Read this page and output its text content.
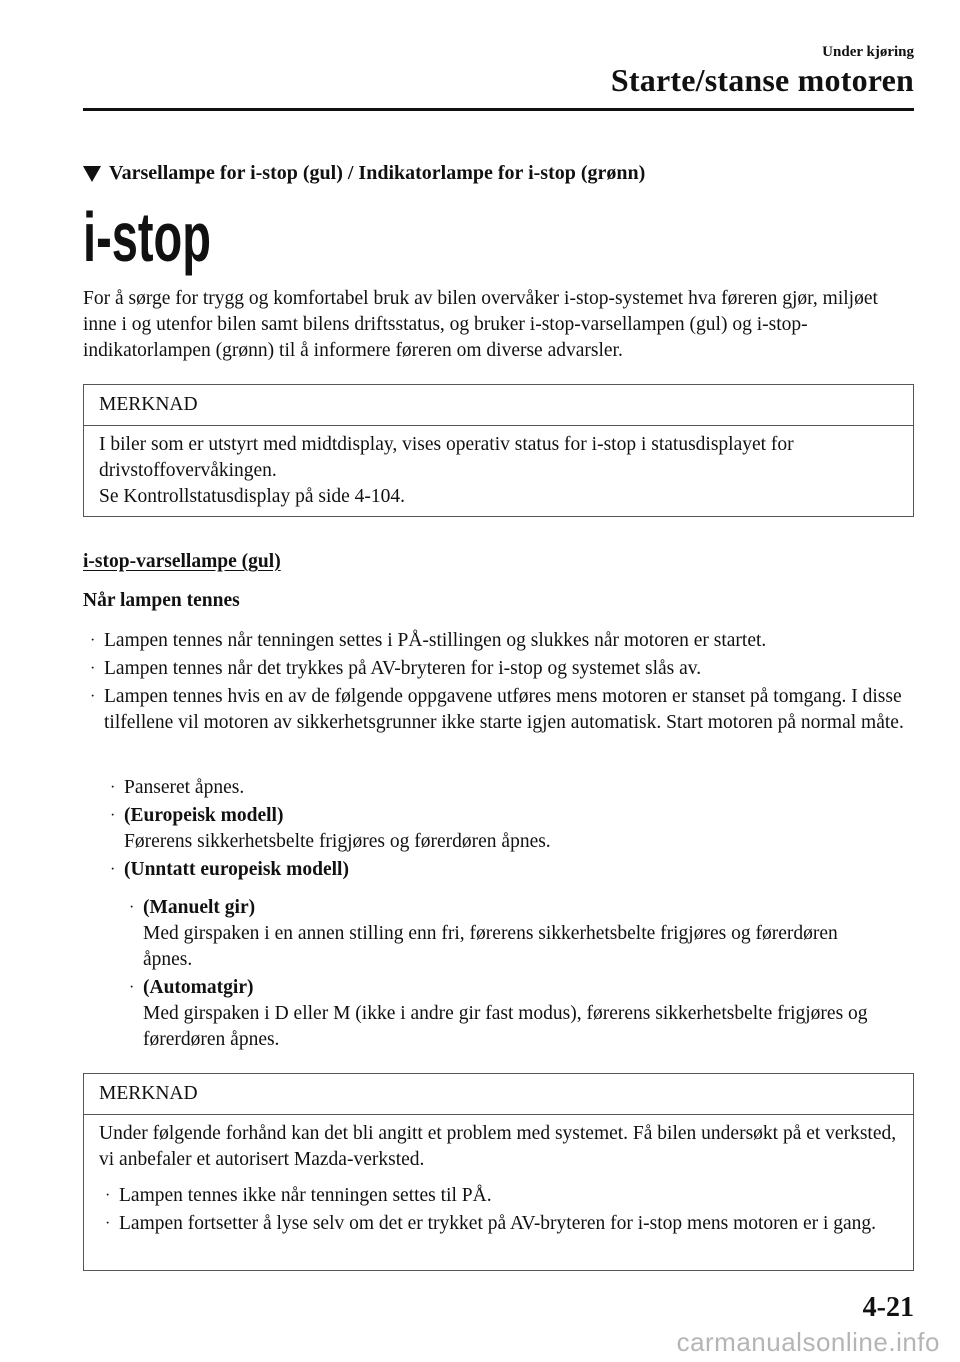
Under kjøring
Starte/stanse motoren
Varsellampe for i-stop (gul) / Indikatorlampe for i-stop (grønn)
i-stop
For å sørge for trygg og komfortabel bruk av bilen overvåker i-stop-systemet hva føreren gjør, miljøet inne i og utenfor bilen samt bilens driftsstatus, og bruker i-stop-varsellampen (gul) og i-stop-indikatorlampen (grønn) til å informere føreren om diverse advarsler.
MERKNAD
I biler som er utstyrt med midtdisplay, vises operativ status for i-stop i statusdisplayet for drivstoffovervåkingen.
Se Kontrollstatusdisplay på side 4-104.
i-stop-varsellampe (gul)
Når lampen tennes
· Lampen tennes når tenningen settes i PÅ-stillingen og slukkes når motoren er startet.
· Lampen tennes når det trykkes på AV-bryteren for i-stop og systemet slås av.
· Lampen tennes hvis en av de følgende oppgavene utføres mens motoren er stanset på tomgang. I disse tilfellene vil motoren av sikkerhetsgrunner ikke starte igjen automatisk. Start motoren på normal måte.
· Panseret åpnes.
· (Europeisk modell)
Førerens sikkerhetsbelte frigjøres og førerdøren åpnes.
· (Unntatt europeisk modell)
· (Manuelt gir)
Med girspaken i en annen stilling enn fri, førerens sikkerhetsbelte frigjøres og førerdøren åpnes.
· (Automatgir)
Med girspaken i D eller M (ikke i andre gir fast modus), førerens sikkerhetsbelte frigjøres og førerdøren åpnes.
MERKNAD
Under følgende forhånd kan det bli angitt et problem med systemet. Få bilen undersøkt på et verksted, vi anbefaler et autorisert Mazda-verksted.
· Lampen tennes ikke når tenningen settes til PÅ.
· Lampen fortsetter å lyse selv om det er trykket på AV-bryteren for i-stop mens motoren er i gang.
4-21
carmanualsonline.info
